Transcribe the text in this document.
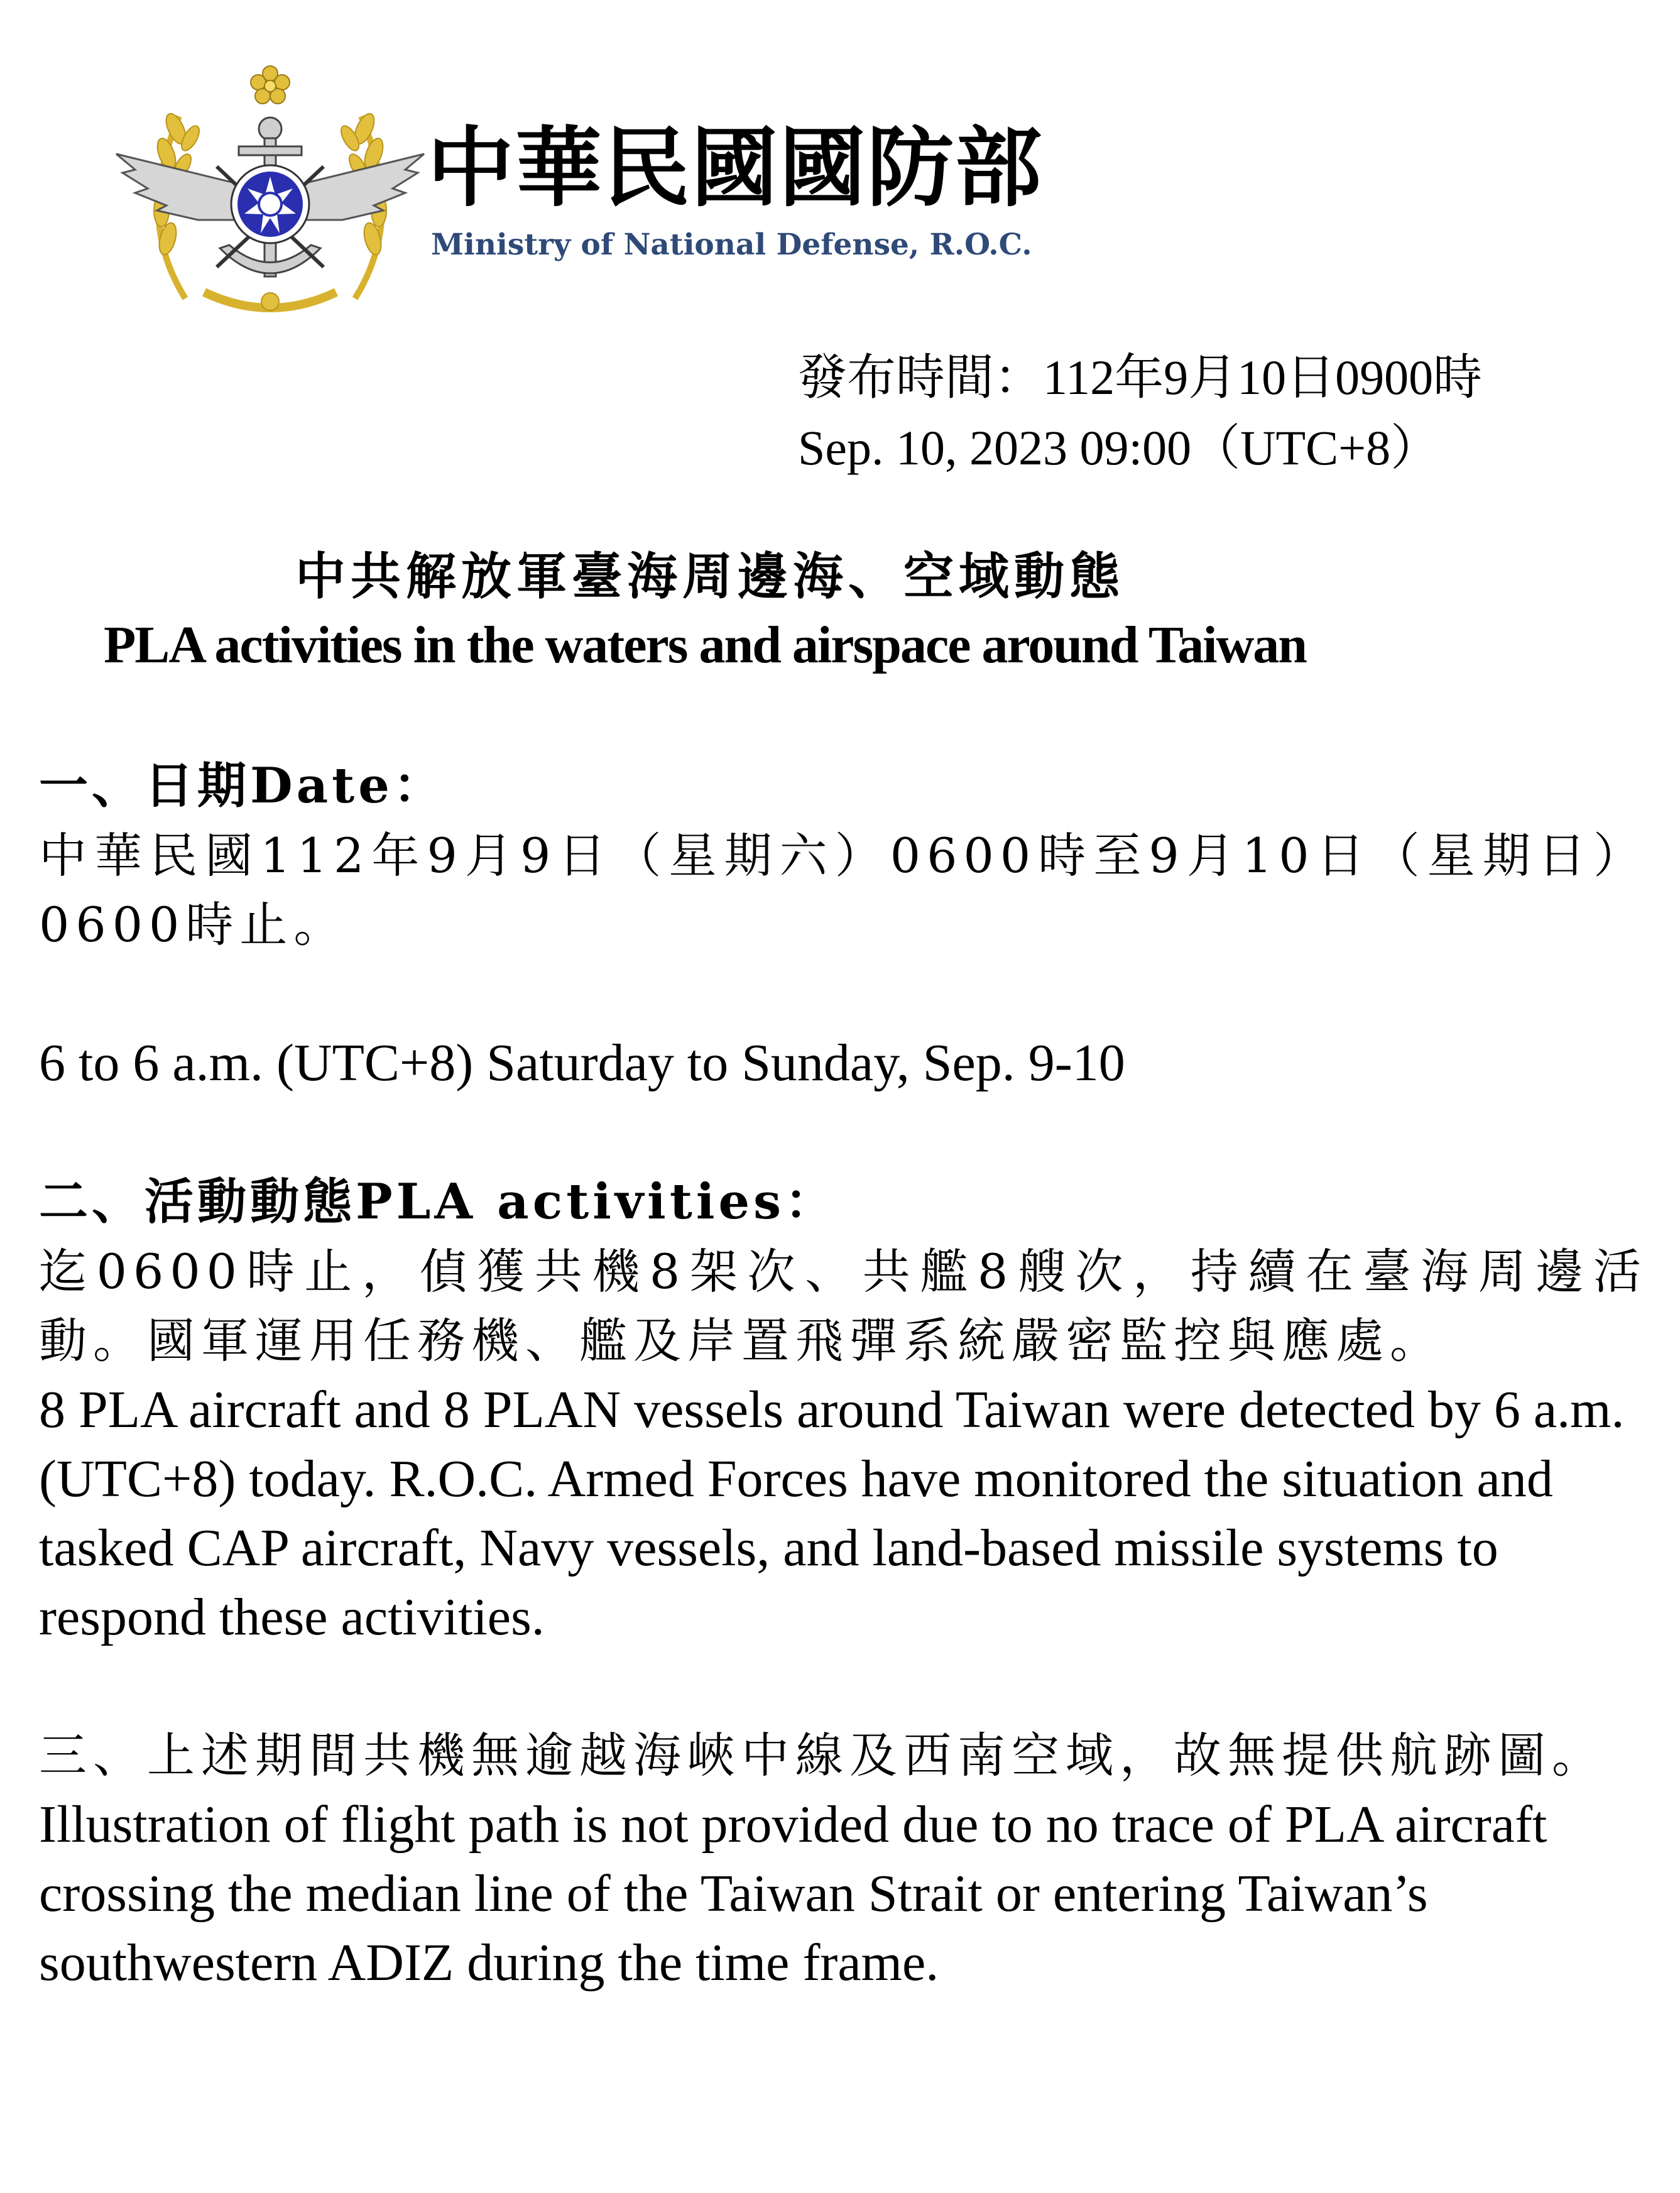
中華民國國防部
Ministry of National Defense, R.O.C.
發布時間：112年9月10日0900時
Sep. 10, 2023 09:00（UTC+8）
中共解放軍臺海周邊海、空域動態
PLA activities in the waters and airspace around Taiwan
一、日期Date：
中華民國112年9月9日（星期六）0600時至9月10日（星期日）0600時止。
6 to 6 a.m. (UTC+8) Saturday to Sunday, Sep. 9-10
二、活動動態PLA activities：
迄0600時止，偵獲共機8架次、共艦8艘次，持續在臺海周邊活動。國軍運用任務機、艦及岸置飛彈系統嚴密監控與應處。
8 PLA aircraft and 8 PLAN vessels around Taiwan were detected by 6 a.m.(UTC+8) today. R.O.C. Armed Forces have monitored the situation and tasked CAP aircraft, Navy vessels, and land-based missile systems to respond these activities.
三、上述期間共機無逾越海峽中線及西南空域，故無提供航跡圖。
Illustration of flight path is not provided due to no trace of PLA aircraft crossing the median line of the Taiwan Strait or entering Taiwan’s southwestern ADIZ during the time frame.
